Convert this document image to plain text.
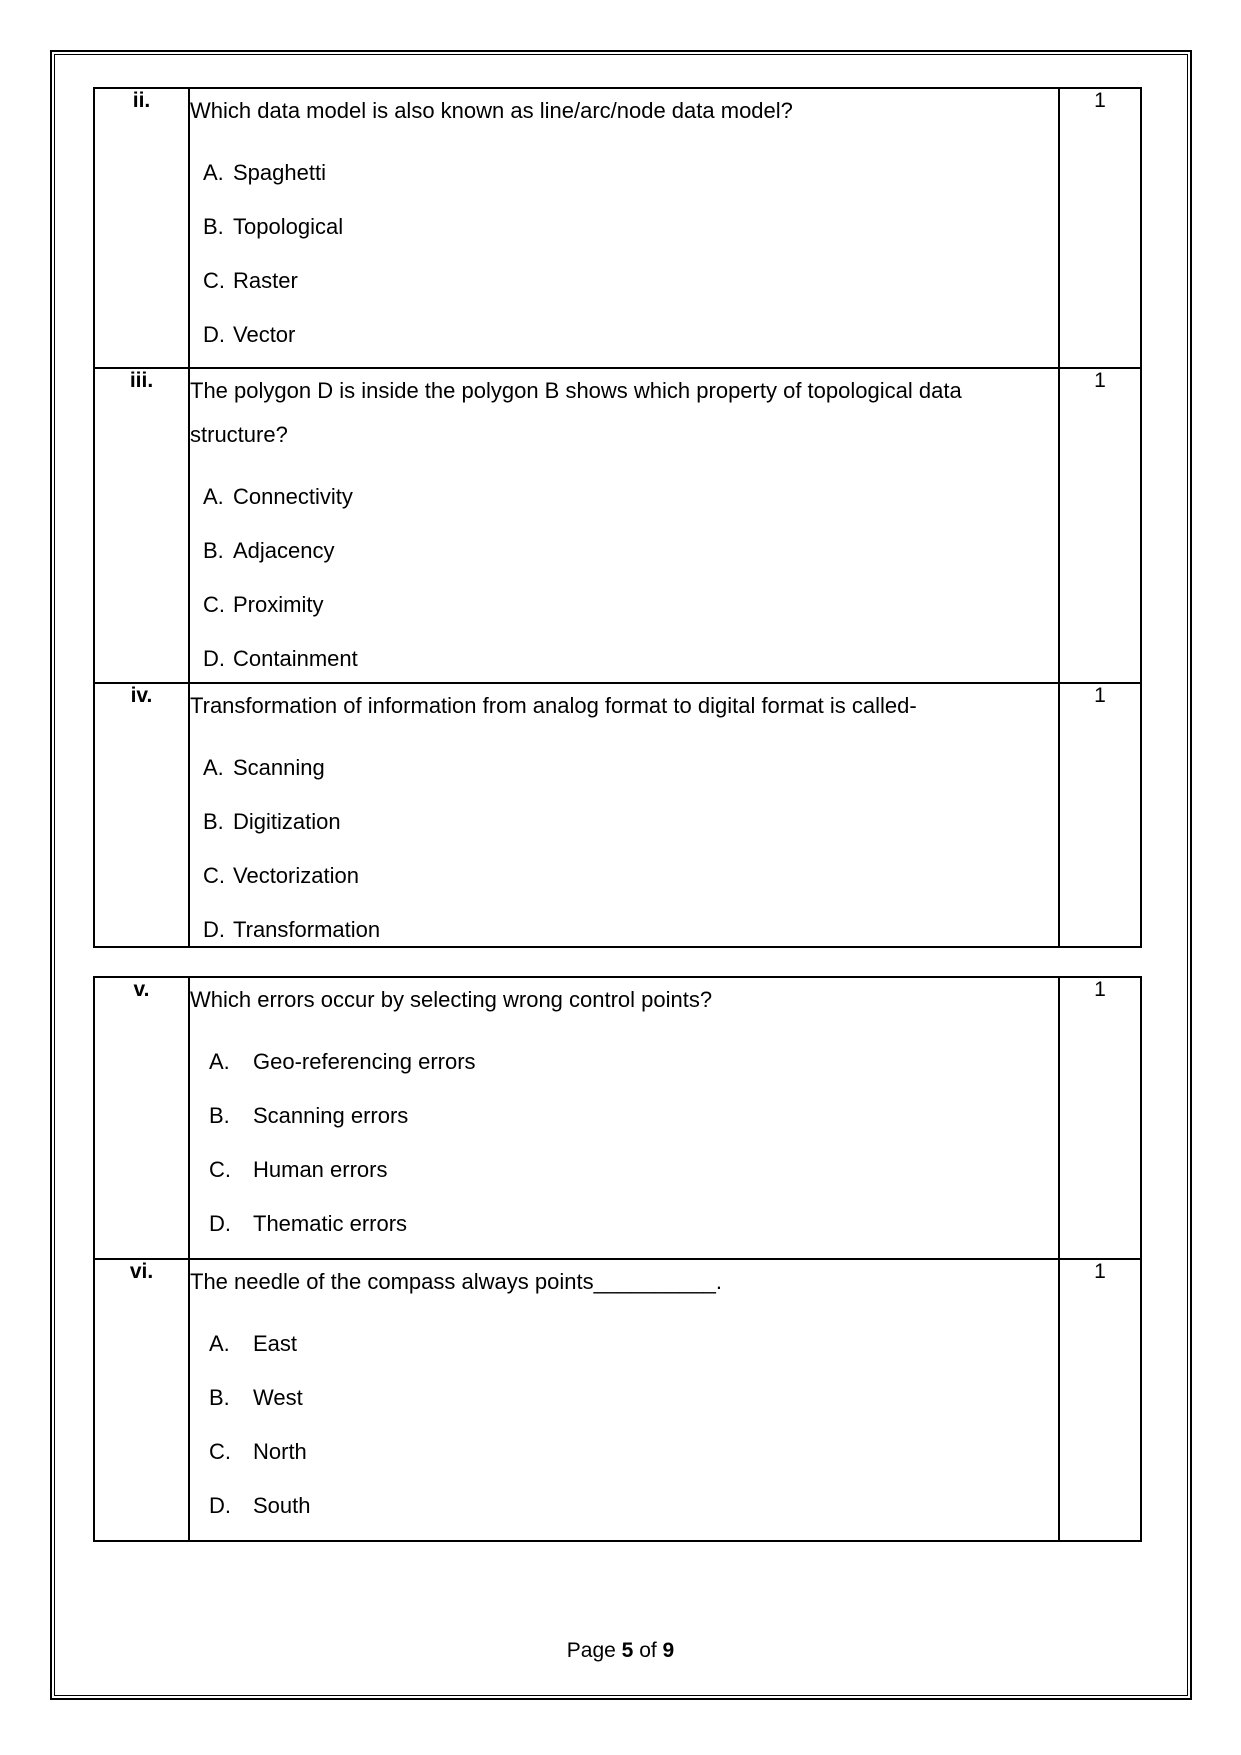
ii.	Which data model is also known as line/arc/node data model?

A. Spaghetti
B. Topological
C. Raster
D. Vector
	1
iii.	The polygon D is inside the polygon B shows which property of topological data structure?

A. Connectivity
B. Adjacency
C. Proximity
D. Containment
	1
iv.	Transformation of information from analog format to digital format is called-

A. Scanning
B. Digitization
C. Vectorization
D. Transformation
	1
v.	Which errors occur by selecting wrong control points?

A.	Geo-referencing errors
B.	Scanning errors
C.	Human errors
D.	Thematic errors
	1
vi.	The needle of the compass always points__________.

A.	East
B.	West
C.	North
D.	South
	1
Page 5 of 9
